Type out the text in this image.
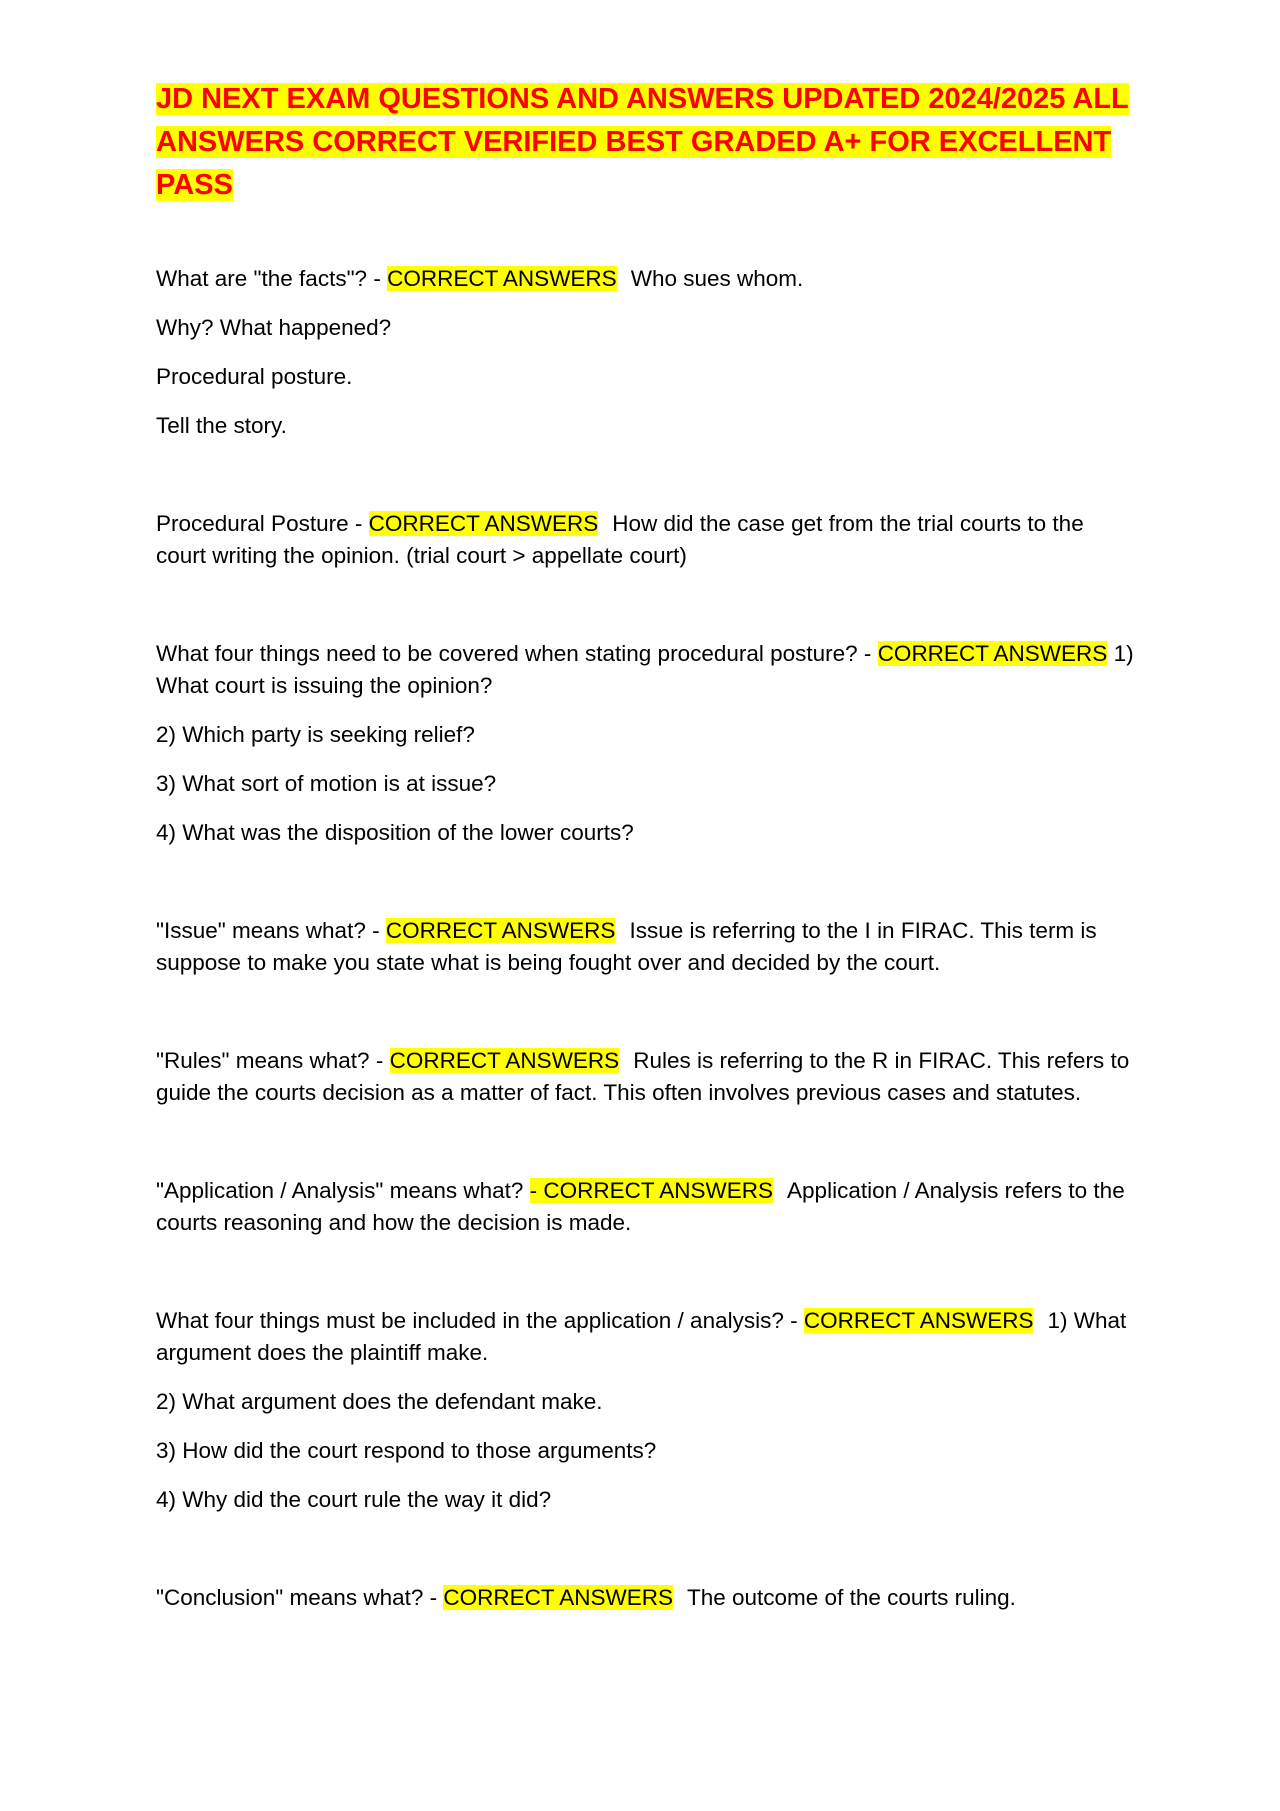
JD NEXT EXAM QUESTIONS AND ANSWERS UPDATED 2024/2025 ALL ANSWERS CORRECT VERIFIED BEST GRADED A+ FOR EXCELLENT PASS
What are "the facts"? - CORRECT ANSWERS Who sues whom.
Why? What happened?
Procedural posture.
Tell the story.
Procedural Posture - CORRECT ANSWERS How did the case get from the trial courts to the court writing the opinion. (trial court > appellate court)
What four things need to be covered when stating procedural posture? - CORRECT ANSWERS 1) What court is issuing the opinion?
2) Which party is seeking relief?
3) What sort of motion is at issue?
4) What was the disposition of the lower courts?
"Issue" means what? - CORRECT ANSWERS Issue is referring to the I in FIRAC. This term is suppose to make you state what is being fought over and decided by the court.
"Rules" means what? - CORRECT ANSWERS Rules is referring to the R in FIRAC. This refers to guide the courts decision as a matter of fact. This often involves previous cases and statutes.
"Application / Analysis" means what? - CORRECT ANSWERS Application / Analysis refers to the courts reasoning and how the decision is made.
What four things must be included in the application / analysis? - CORRECT ANSWERS 1) What argument does the plaintiff make.
2) What argument does the defendant make.
3) How did the court respond to those arguments?
4) Why did the court rule the way it did?
"Conclusion" means what? - CORRECT ANSWERS The outcome of the courts ruling.
